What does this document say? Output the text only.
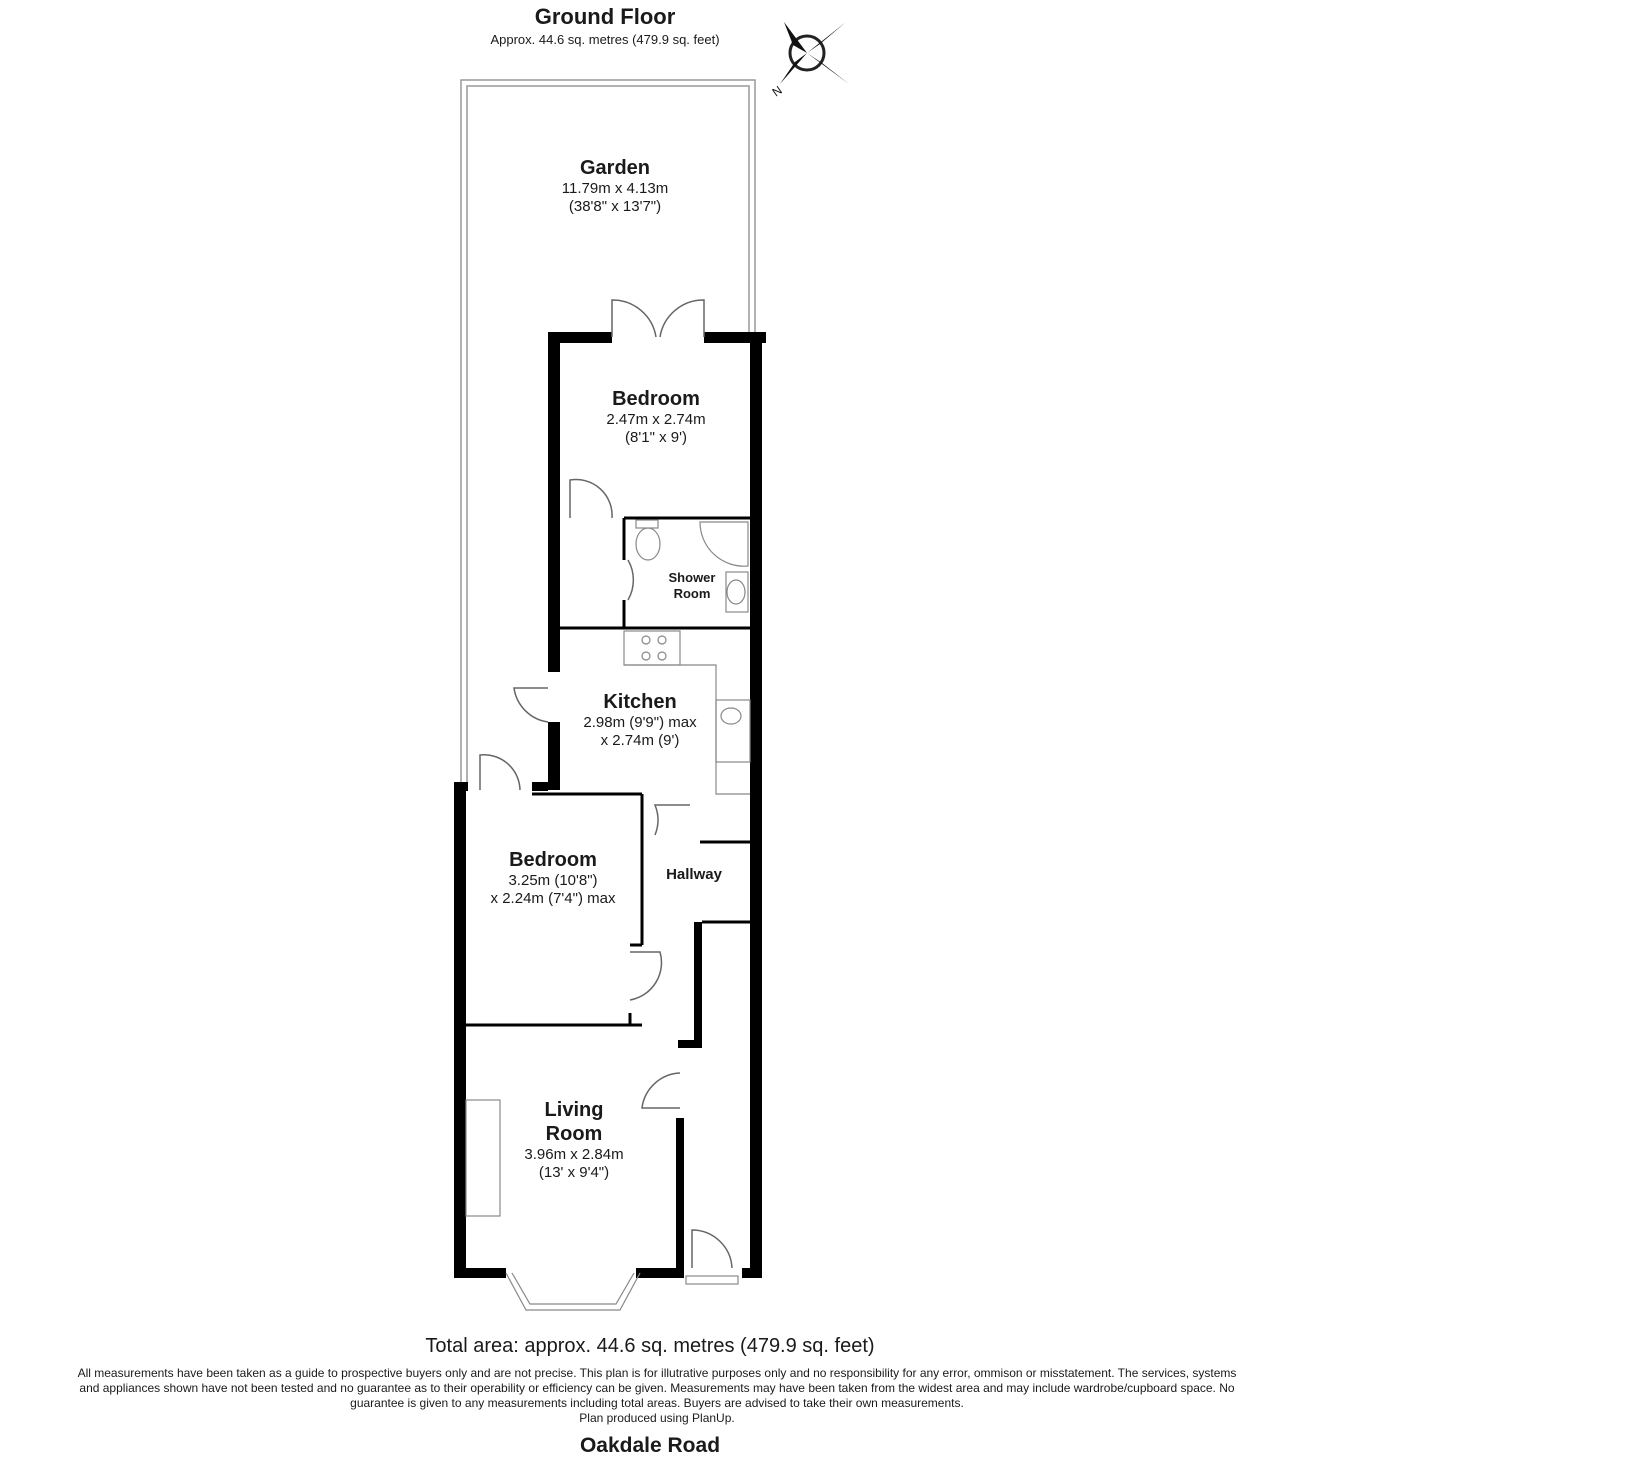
Ground Floor
Approx. 44.6 sq. metres (479.9 sq. feet)
N
Garden
11.79m x 4.13m
(38'8" x 13'7")
Bedroom
2.47m x 2.74m
(8'1" x 9')
Shower
Room
Kitchen
2.98m (9'9") max
x 2.74m (9')
Bedroom
3.25m (10'8")
x 2.24m (7'4") max
Hallway
Living
Room
3.96m x 2.84m
(13' x 9'4")
Total area: approx. 44.6 sq. metres (479.9 sq. feet)
All measurements have been taken as a guide to prospective buyers only and are not precise. This plan is for illutrative purposes only and no responsibility for any error, ommison or misstatement. The services, systems
and appliances shown have not been tested and no guarantee as to their operability or efficiency can be given. Measurements may have been taken from the widest area and may include wardrobe/cupboard space. No
guarantee is given to any measurements including total areas. Buyers are advised to take their own measurements.
Plan produced using PlanUp.
Oakdale Road
